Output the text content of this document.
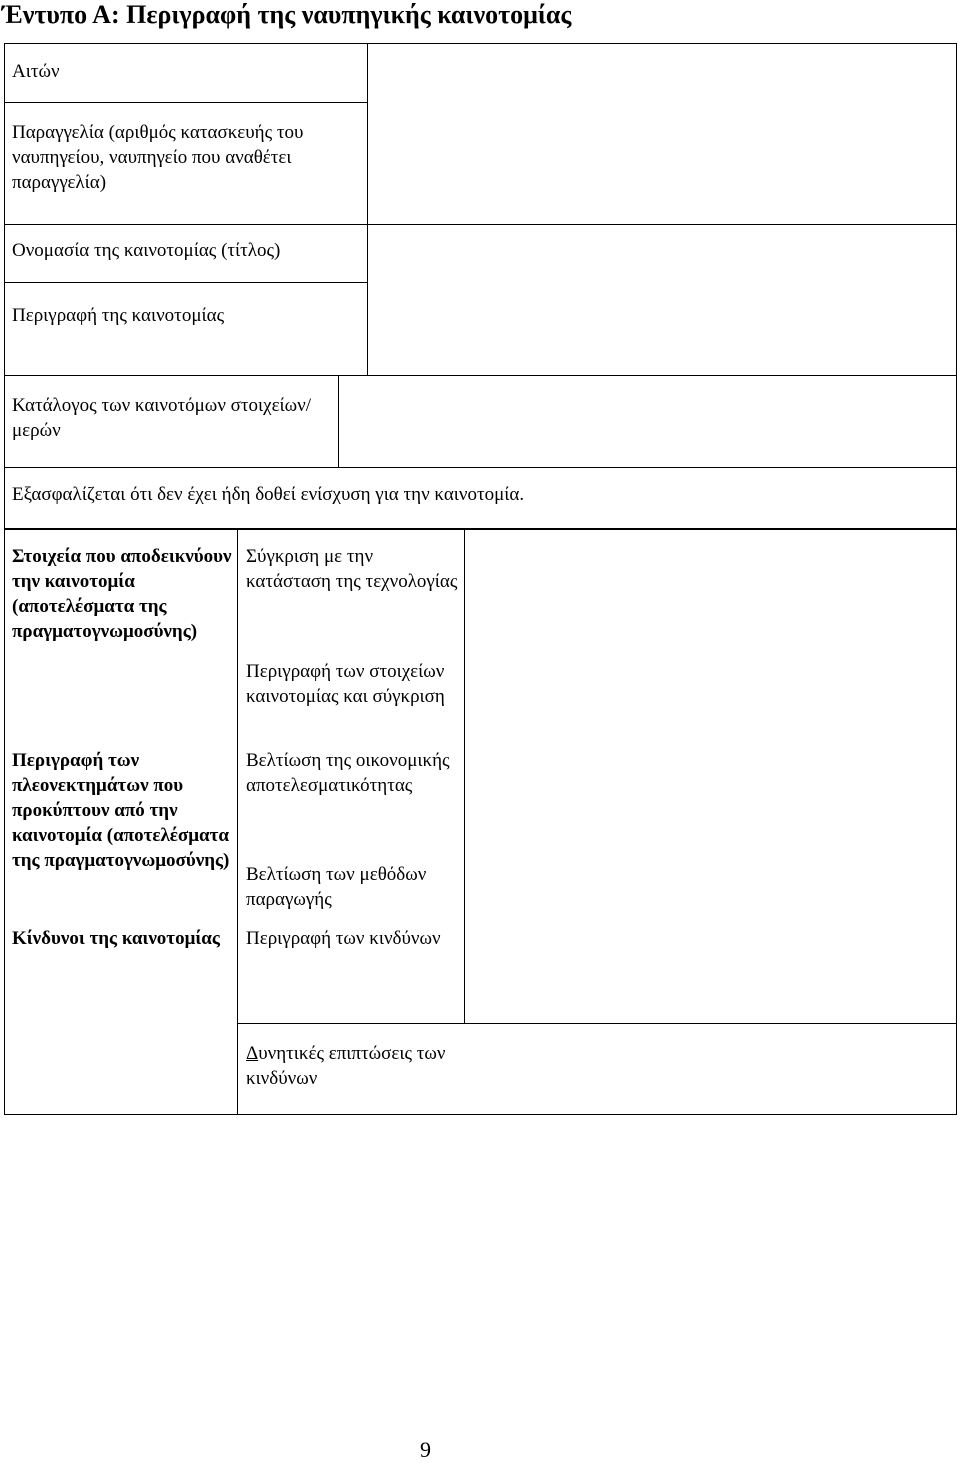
Έντυπο Α: Περιγραφή της ναυπηγικής καινοτομίας
Αιτών
Παραγγελία (αριθμός κατασκευής του ναυπηγείου, ναυπηγείο που αναθέτει παραγγελία)
Ονομασία της καινοτομίας (τίτλος)
Περιγραφή της καινοτομίας
Κατάλογος των καινοτόμων στοιχείων/μερών
Εξασφαλίζεται ότι δεν έχει ήδη δοθεί ενίσχυση για την καινοτομία.
Στοιχεία που αποδεικνύουν την καινοτομία (αποτελέσματα της πραγματογνωμοσύνης)
Περιγραφή των πλεονεκτημάτων που προκύπτουν από την καινοτομία (αποτελέσματα της πραγματογνωμοσύνης)
Κίνδυνοι της καινοτομίας
Σύγκριση με την κατάσταση της τεχνολογίας
Περιγραφή των στοιχείων καινοτομίας και σύγκριση
Βελτίωση της οικονομικής αποτελεσματικότητας
Βελτίωση των μεθόδων παραγωγής
Περιγραφή των κινδύνων
Δυνητικές επιπτώσεις των κινδύνων
9
